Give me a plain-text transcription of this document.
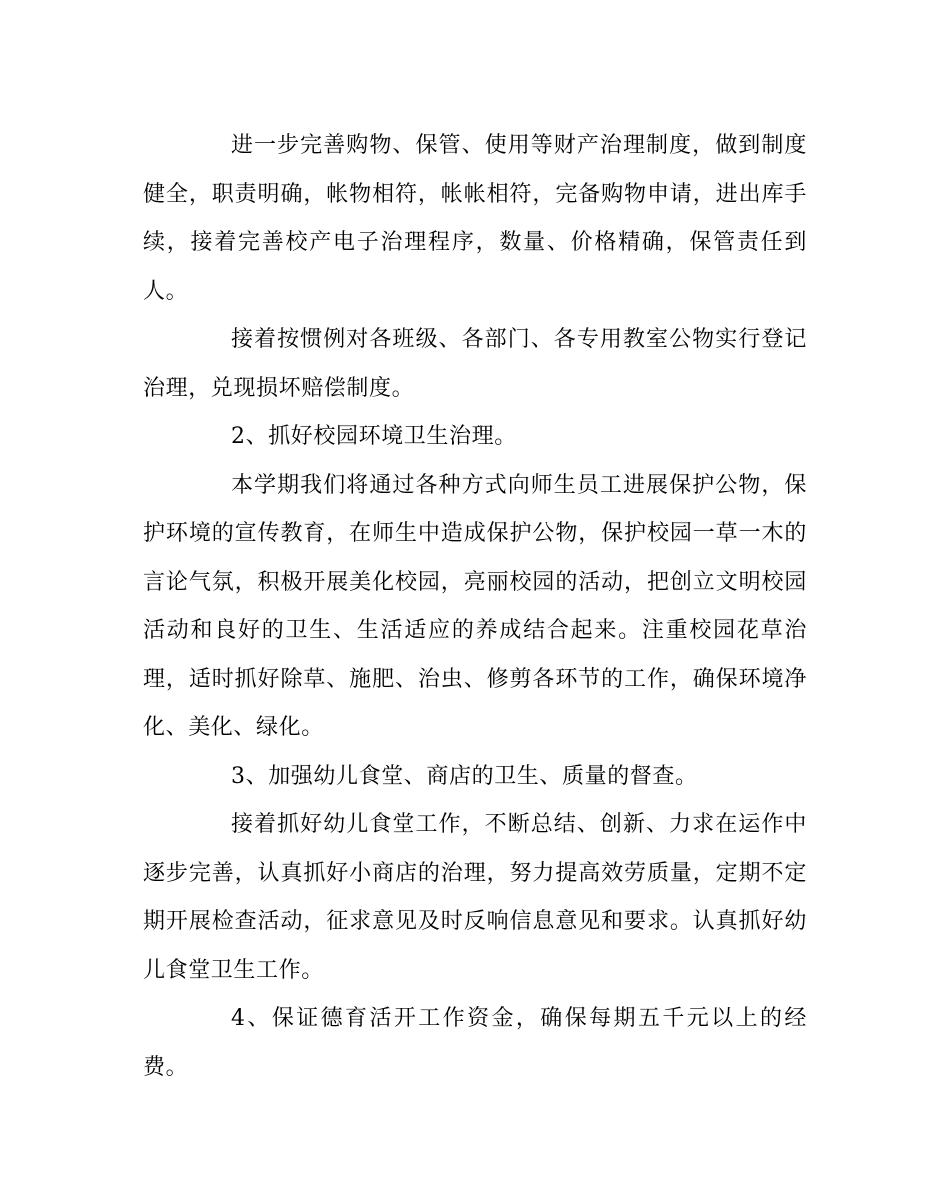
进一步完善购物、保管、使用等财产治理制度，做到制度健全，职责明确，帐物相符，帐帐相符，完备购物申请，进出库手续，接着完善校产电子治理程序，数量、价格精确，保管责任到人。

接着按惯例对各班级、各部门、各专用教室公物实行登记治理，兑现损坏赔偿制度。

2、抓好校园环境卫生治理。

本学期我们将通过各种方式向师生员工进展保护公物，保护环境的宣传教育，在师生中造成保护公物，保护校园一草一木的言论气氛，积极开展美化校园，亮丽校园的活动，把创立文明校园活动和良好的卫生、生活适应的养成结合起来。注重校园花草治理，适时抓好除草、施肥、治虫、修剪各环节的工作，确保环境净化、美化、绿化。

3、加强幼儿食堂、商店的卫生、质量的督查。

接着抓好幼儿食堂工作，不断总结、创新、力求在运作中逐步完善，认真抓好小商店的治理，努力提高效劳质量，定期不定期开展检查活动，征求意见及时反响信息意见和要求。认真抓好幼儿食堂卫生工作。

4、保证德育活开工作资金，确保每期五千元以上的经费。
